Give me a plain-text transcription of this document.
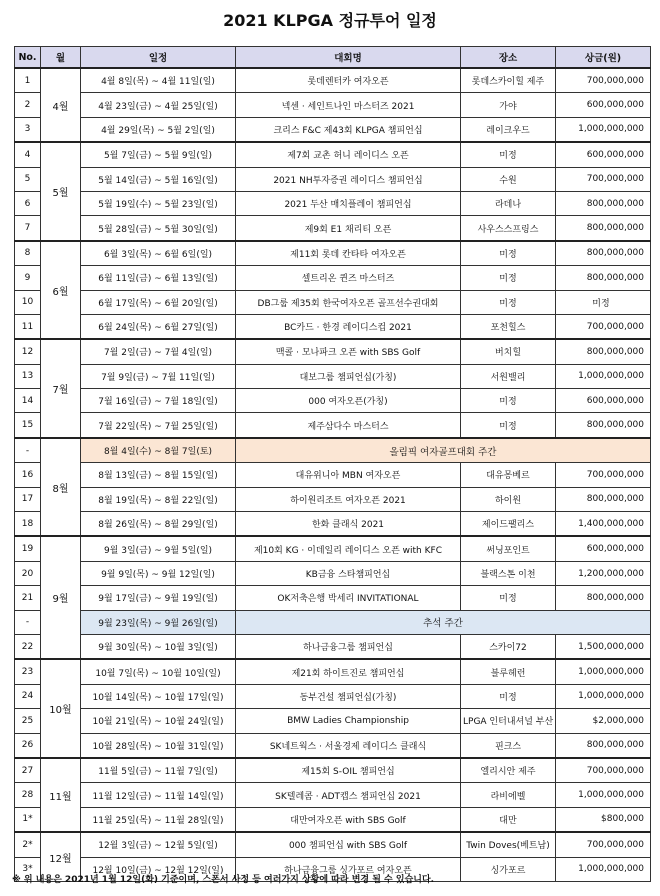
2021 KLPGA 정규투어 일정
No.	월	일정	대회명	장소	상금(원)
1	4월	4월 8일(목) ~ 4월 11일(일)	롯데렌터카 여자오픈	롯데스카이힐 제주	700,000,000
2		4월 23일(금) ~ 4월 25일(일)	넥센 · 세인트나인 마스터즈 2021	가야	600,000,000
3		4월 29일(목) ~ 5월 2일(일)	크리스 F&C 제43회 KLPGA 챔피언십	레이크우드	1,000,000,000
4	5월	5월 7일(금) ~ 5월 9일(일)	제7회 교촌 허니 레이디스 오픈	미정	600,000,000
5		5월 14일(금) ~ 5월 16일(일)	2021 NH투자증권 레이디스 챔피언십	수원	700,000,000
6		5월 19일(수) ~ 5월 23일(일)	2021 두산 매치플레이 챔피언십	라데나	800,000,000
7		5월 28일(금) ~ 5월 30일(일)	제9회 E1 채리티 오픈	사우스스프링스	800,000,000
8	6월	6월 3일(목) ~ 6월 6일(일)	제11회 롯데 칸타타 여자오픈	미정	800,000,000
9		6월 11일(금) ~ 6월 13일(일)	셀트리온 퀸즈 마스터즈	미정	800,000,000
10		6월 17일(목) ~ 6월 20일(일)	DB그룹 제35회 한국여자오픈 골프선수권대회	미정	미정
11		6월 24일(목) ~ 6월 27일(일)	BC카드 · 한경 레이디스컵 2021	포천힐스	700,000,000
12	7월	7월 2일(금) ~ 7월 4일(일)	맥콜 · 모나파크 오픈 with SBS Golf	버치힐	800,000,000
13		7월 9일(금) ~ 7월 11일(일)	대보그룹 챔피언십(가칭)	서원밸리	1,000,000,000
14		7월 16일(금) ~ 7월 18일(일)	000 여자오픈(가칭)	미정	600,000,000
15		7월 22일(목) ~ 7월 25일(일)	제주삼다수 마스터스	미정	800,000,000
-	8월	8월 4일(수) ~ 8월 7일(토)	올림픽 여자골프대회 주간		
16		8월 13일(금) ~ 8월 15일(일)	대유위니아 MBN 여자오픈	대유몽베르	700,000,000
17		8월 19일(목) ~ 8월 22일(일)	하이원리조트 여자오픈 2021	하이원	800,000,000
18		8월 26일(목) ~ 8월 29일(일)	한화 클래식 2021	제이드팰리스	1,400,000,000
19	9월	9월 3일(금) ~ 9월 5일(일)	제10회 KG · 이데일리 레이디스 오픈 with KFC	써닝포인트	600,000,000
20		9월 9일(목) ~ 9월 12일(일)	KB금융 스타챔피언십	블랙스톤 이천	1,200,000,000
21		9월 17일(금) ~ 9월 19일(일)	OK저축은행 박세리 INVITATIONAL	미정	800,000,000
-		9월 23일(목) ~ 9월 26일(일)	추석 주간		
22		9월 30일(목) ~ 10월 3일(일)	하나금융그룹 챔피언십	스카이72	1,500,000,000
23	10월	10월 7일(목) ~ 10월 10일(일)	제21회 하이트진로 챔피언십	블루헤런	1,000,000,000
24		10월 14일(목) ~ 10월 17일(일)	동부건설 챔피언십(가칭)	미정	1,000,000,000
25		10월 21일(목) ~ 10월 24일(일)	BMW Ladies Championship	LPGA 인터내셔널 부산	$2,000,000
26		10월 28일(목) ~ 10월 31일(일)	SK네트웍스 · 서울경제 레이디스 클래식	핀크스	800,000,000
27	11월	11월 5일(금) ~ 11월 7일(일)	제15회 S-OIL 챔피언십	엘리시안 제주	700,000,000
28		11월 12일(금) ~ 11월 14일(일)	SK텔레콤 · ADT캡스 챔피언십 2021	라비에벨	1,000,000,000
1*		11월 25일(목) ~ 11월 28일(일)	대만여자오픈 with SBS Golf	대만	$800,000
2*	12월	12월 3일(금) ~ 12월 5일(일)	000 챔피언십 with SBS Golf	Twin Doves(베트남)	700,000,000
3*		12월 10일(금) ~ 12월 12일(일)	하나금융그룹 싱가포르 여자오픈	싱가포르	1,000,000,000
※ 위 내용은 2021년 1월 12일(화) 기준이며, 스폰서 사정 등 여러가지 상황에 따라 변경 될 수 있습니다.
